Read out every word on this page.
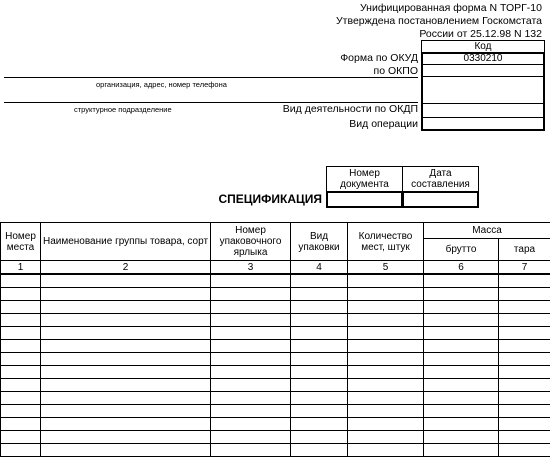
Унифицированная форма N ТОРГ-10
Утверждена постановлением Госкомстата
России от 25.12.98 N 132
Код
0330210
Форма по ОКУД
по ОКПО
Вид деятельности по ОКДП
Вид операции
организация, адрес, номер телефона
структурное подразделение
Номер документа
Дата составления
СПЕЦИФИКАЦИЯ
Номер места	Наименование группы товара, сорт	Номер упаковочного ярлыка	Вид упаковки	Количество мест, штук	Масса	
					брутто	тара
1	2	3	4	5	6	7
